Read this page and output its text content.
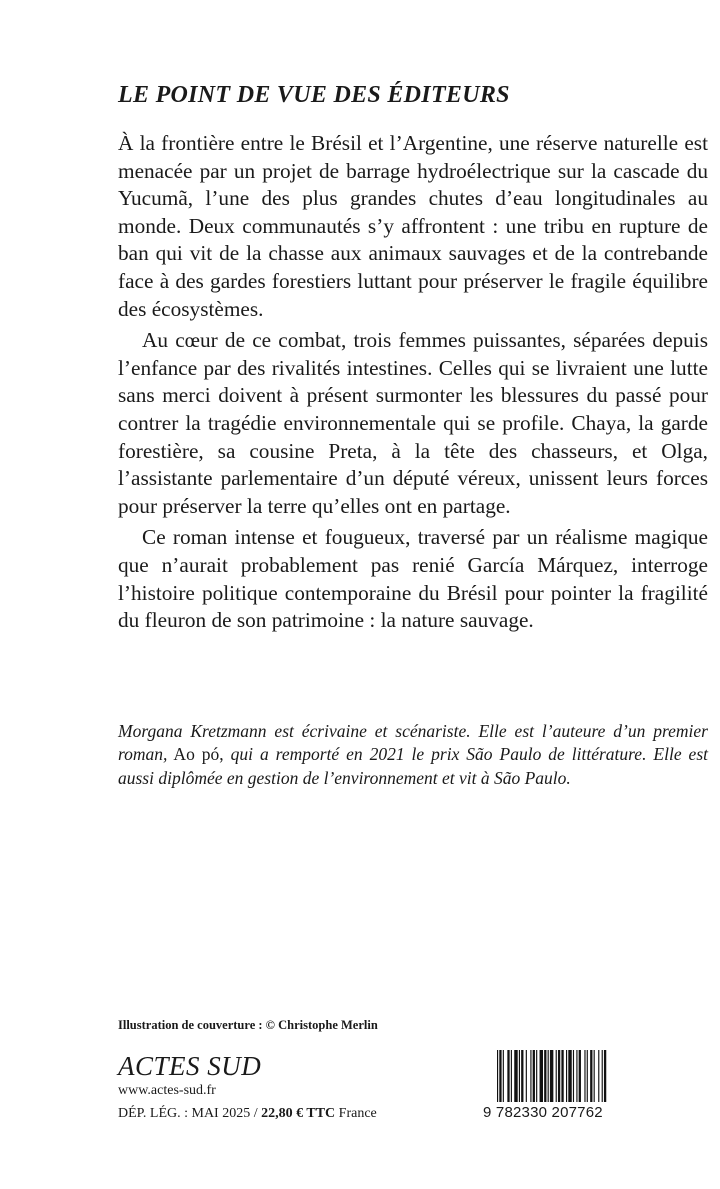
LE POINT DE VUE DES ÉDITEURS

À la frontière entre le Brésil et l’Argentine, une réserve naturelle est menacée par un projet de barrage hydroélectrique sur la cascade du Yucumã, l’une des plus grandes chutes d’eau longitudinales au monde. Deux communautés s’y affrontent : une tribu en rupture de ban qui vit de la chasse aux animaux sauvages et de la contrebande face à des gardes forestiers luttant pour préserver le fragile équilibre des écosystèmes.

Au cœur de ce combat, trois femmes puissantes, séparées depuis l’enfance par des rivalités intestines. Celles qui se livraient une lutte sans merci doivent à présent surmonter les blessures du passé pour contrer la tragédie environnementale qui se profile. Chaya, la garde forestière, sa cousine Preta, à la tête des chasseurs, et Olga, l’assistante parlementaire d’un député véreux, unissent leurs forces pour préserver la terre qu’elles ont en partage.

Ce roman intense et fougueux, traversé par un réalisme magique que n’aurait probablement pas renié García Márquez, interroge l’histoire politique contemporaine du Brésil pour pointer la fragilité du fleuron de son patrimoine : la nature sauvage.

Morgana Kretzmann est écrivaine et scénariste. Elle est l’auteure d’un premier roman, Ao pó, qui a remporté en 2021 le prix São Paulo de littérature. Elle est aussi diplômée en gestion de l’environnement et vit à São Paulo.

Illustration de couverture : © Christophe Merlin

ACTES SUD

www.actes-sud.fr

DÉP. LÉG. : MAI 2025 / 22,80 € TTC France	9 782330 207762
